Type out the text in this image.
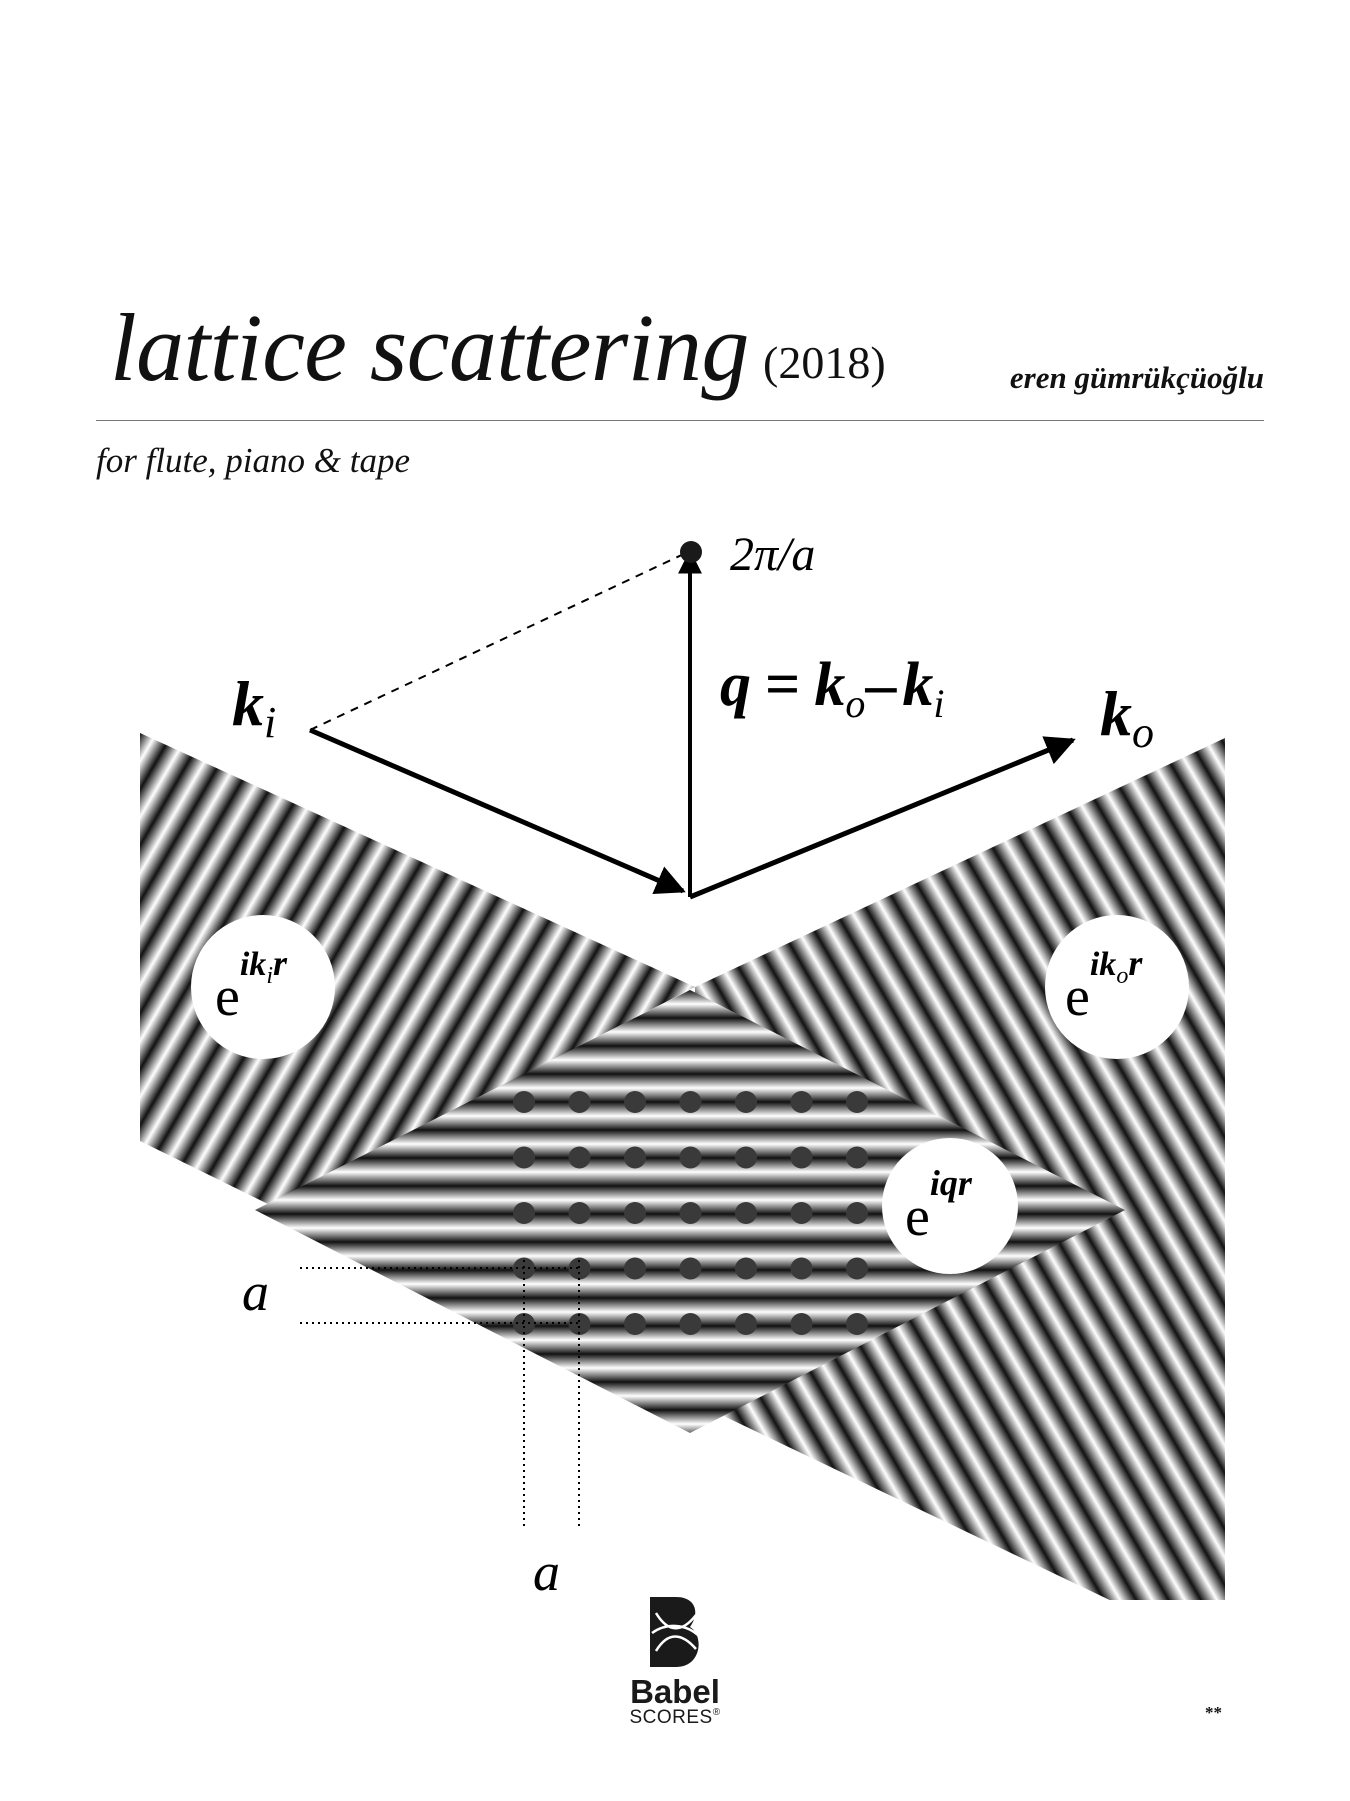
lattice scattering (2018)	eren gümrükçüoğlu
for flute, piano & tape
2π/a
ki
q = ko–ki ko
$e^{ik}ir$
$e^{ik}or$
$e^{iqr}$
a
a
Babel
SCORES®	**
